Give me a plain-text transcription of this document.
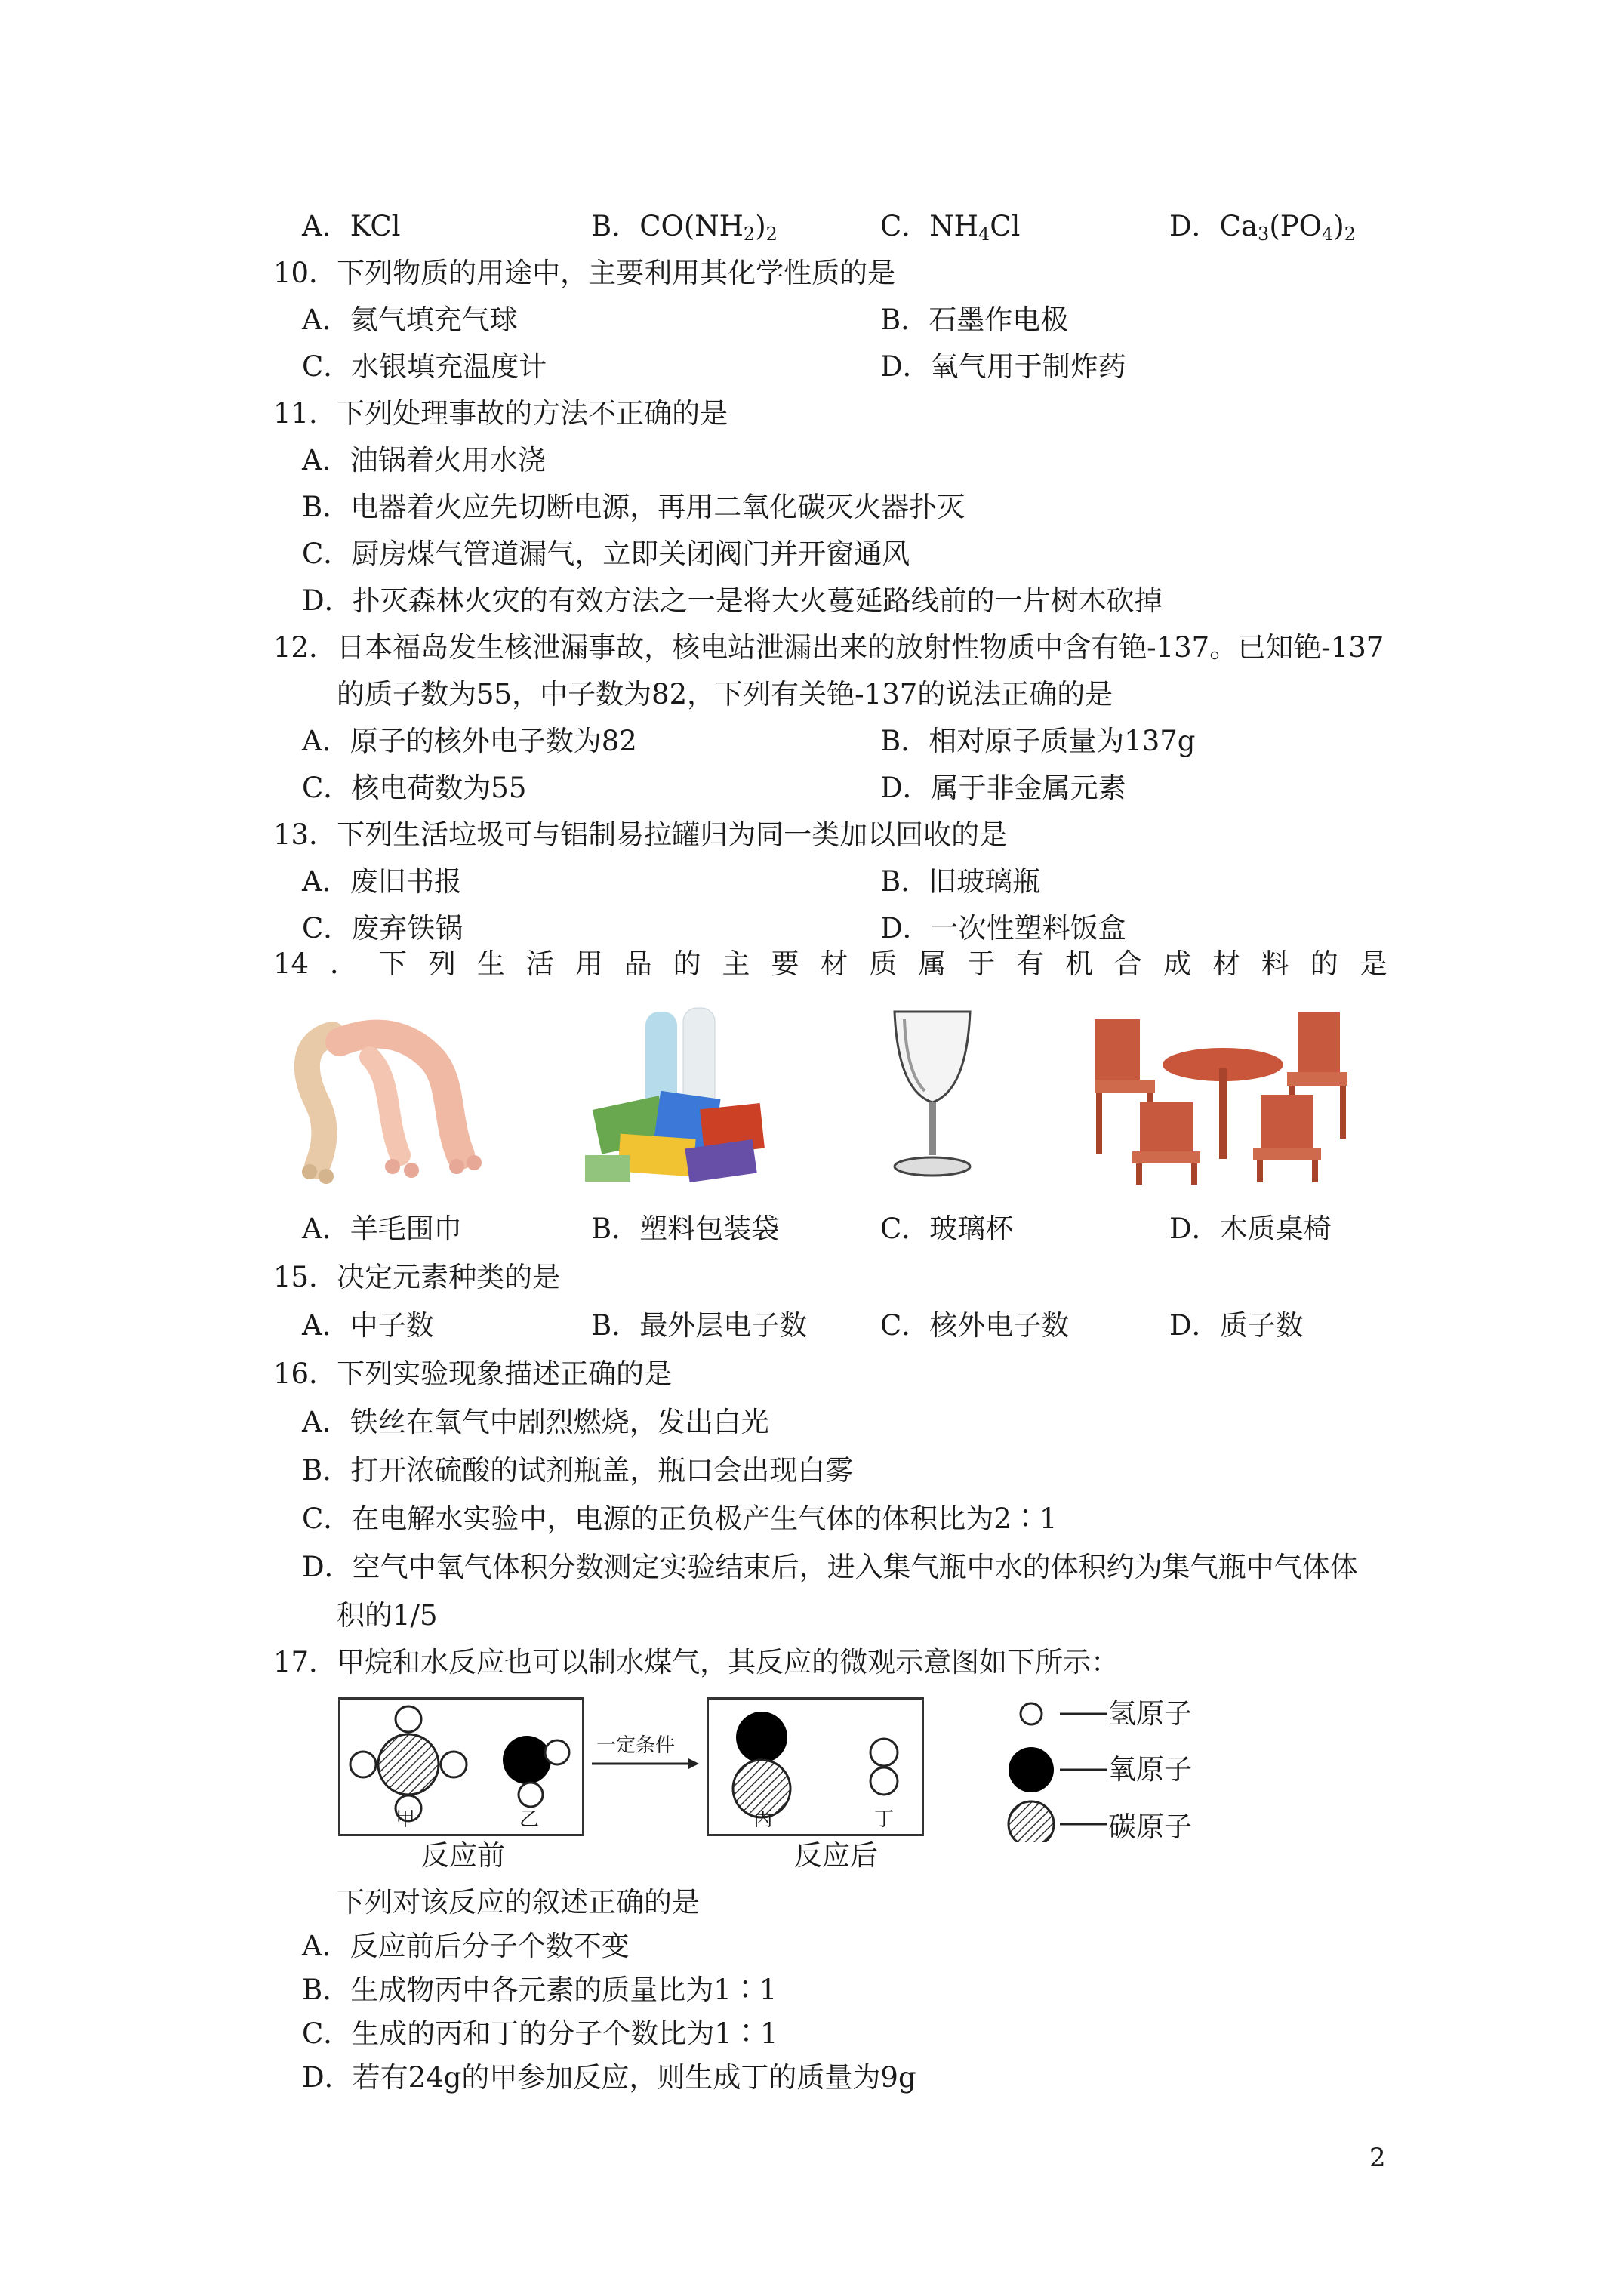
A．KCl	B．$CO(NH_2)_2$	C．$NH_4Cl$	D．$Ca_3(PO_4)_2$
10．下列物质的用途中，主要利用其化学性质的是
A．氦气填充气球	B．石墨作电极
C．水银填充温度计	D．氧气用于制炸药
11．下列处理事故的方法不正确的是
A．油锅着火用水浇
B．电器着火应先切断电源，再用二氧化碳灭火器扑灭
C．厨房煤气管道漏气，立即关闭阀门并开窗通风
D．扑灭森林火灾的有效方法之一是将大火蔓延路线前的一片树木砍掉
12．日本福岛发生核泄漏事故，核电站泄漏出来的放射性物质中含有铯-137。已知铯-137
的质子数为55，中子数为82，下列有关铯-137的说法正确的是
A．原子的核外电子数为82	B．相对原子质量为137g
C．核电荷数为55	D．属于非金属元素
13．下列生活垃圾可与铝制易拉罐归为同一类加以回收的是
A．废旧书报	B．旧玻璃瓶
C．废弃铁锅	D．一次性塑料饭盒
14 ． 下 列 生 活 用 品 的 主 要 材 质 属 于 有 机 合 成 材 料 的 是
A．羊毛围巾	B．塑料包装袋	C．玻璃杯	D．木质桌椅
15．决定元素种类的是
A．中子数	B．最外层电子数	C．核外电子数	D．质子数
16．下列实验现象描述正确的是
A．铁丝在氧气中剧烈燃烧，发出白光
B．打开浓硫酸的试剂瓶盖，瓶口会出现白雾
C．在电解水实验中，电源的正负极产生气体的体积比为2∶1
D．空气中氧气体积分数测定实验结束后，进入集气瓶中水的体积约为集气瓶中气体体
积的1/5
17．甲烷和水反应也可以制水煤气，其反应的微观示意图如下所示：
甲	乙
一定条件
丙	丁
反应前	反应后
氢原子
氧原子
碳原子
下列对该反应的叙述正确的是
A．反应前后分子个数不变
B．生成物丙中各元素的质量比为1∶1
C．生成的丙和丁的分子个数比为1∶1
D．若有24g的甲参加反应，则生成丁的质量为9g
2
